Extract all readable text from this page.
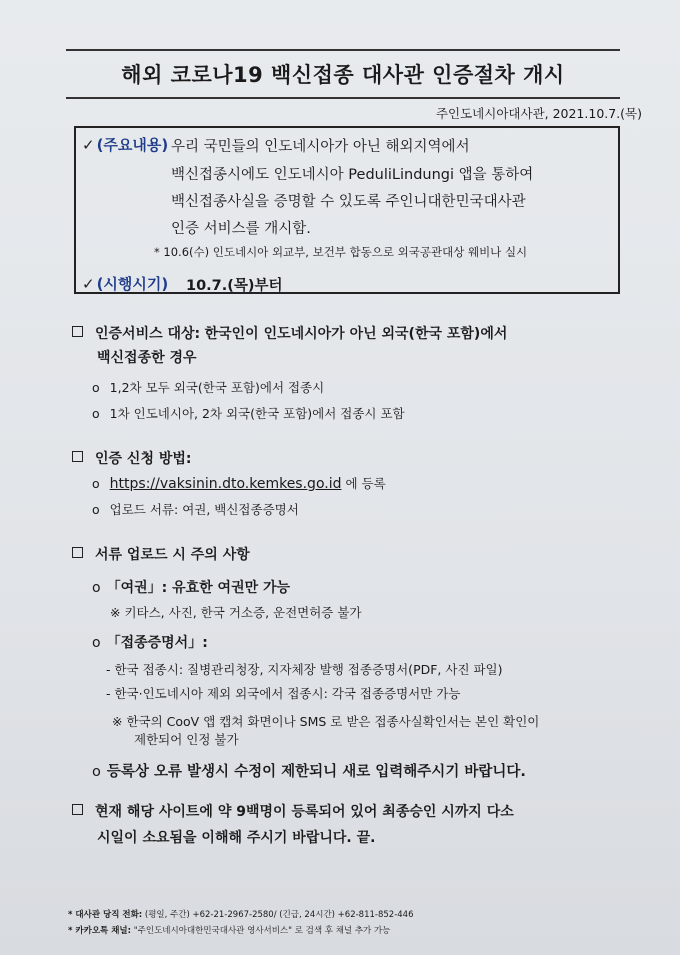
해외 코로나19 백신접종 대사관 인증절차 개시
주인도네시아대사관, 2021.10.7.(목)
✓ (주요내용) 우리 국민들의 인도네시아가 아닌 해외지역에서
백신접종시에도 인도네시아 PeduliLindungi 앱을 통하여
백신접종사실을 증명할 수 있도록 주인니대한민국대사관
인증 서비스를 개시함.
* 10.6(수) 인도네시아 외교부, 보건부 합동으로 외국공관대상 웨비나 실시
✓ (시행시기) 10.7.(목)부터
인증서비스 대상: 한국인이 인도네시아가 아닌 외국(한국 포함)에서
백신접종한 경우
o 1,2차 모두 외국(한국 포함)에서 접종시
o 1차 인도네시아, 2차 외국(한국 포함)에서 접종시 포함
인증 신청 방법:
o https://vaksinin.dto.kemkes.go.id 에 등록
o 업로드 서류: 여권, 백신접종증명서
서류 업로드 시 주의 사항
o 「여권」: 유효한 여권만 가능
※ 키타스, 사진, 한국 거소증, 운전면허증 불가
o 「접종증명서」:
- 한국 접종시: 질병관리청장, 지자체장 발행 접종증명서(PDF, 사진 파일)
- 한국·인도네시아 제외 외국에서 접종시: 각국 접종증명서만 가능
※ 한국의 CooV 앱 캡쳐 화면이나 SMS 로 받은 접종사실확인서는 본인 확인이
제한되어 인정 불가
o 등록상 오류 발생시 수정이 제한되니 새로 입력해주시기 바랍니다.
현재 해당 사이트에 약 9백명이 등록되어 있어 최종승인 시까지 다소
시일이 소요됨을 이해해 주시기 바랍니다. 끝.
* 대사관 당직 전화: (평일, 주간) +62-21-2967-2580/ (긴급, 24시간) +62-811-852-446
* 카카오톡 채널: "주인도네시아대한민국대사관 영사서비스" 로 검색 후 채널 추가 가능
